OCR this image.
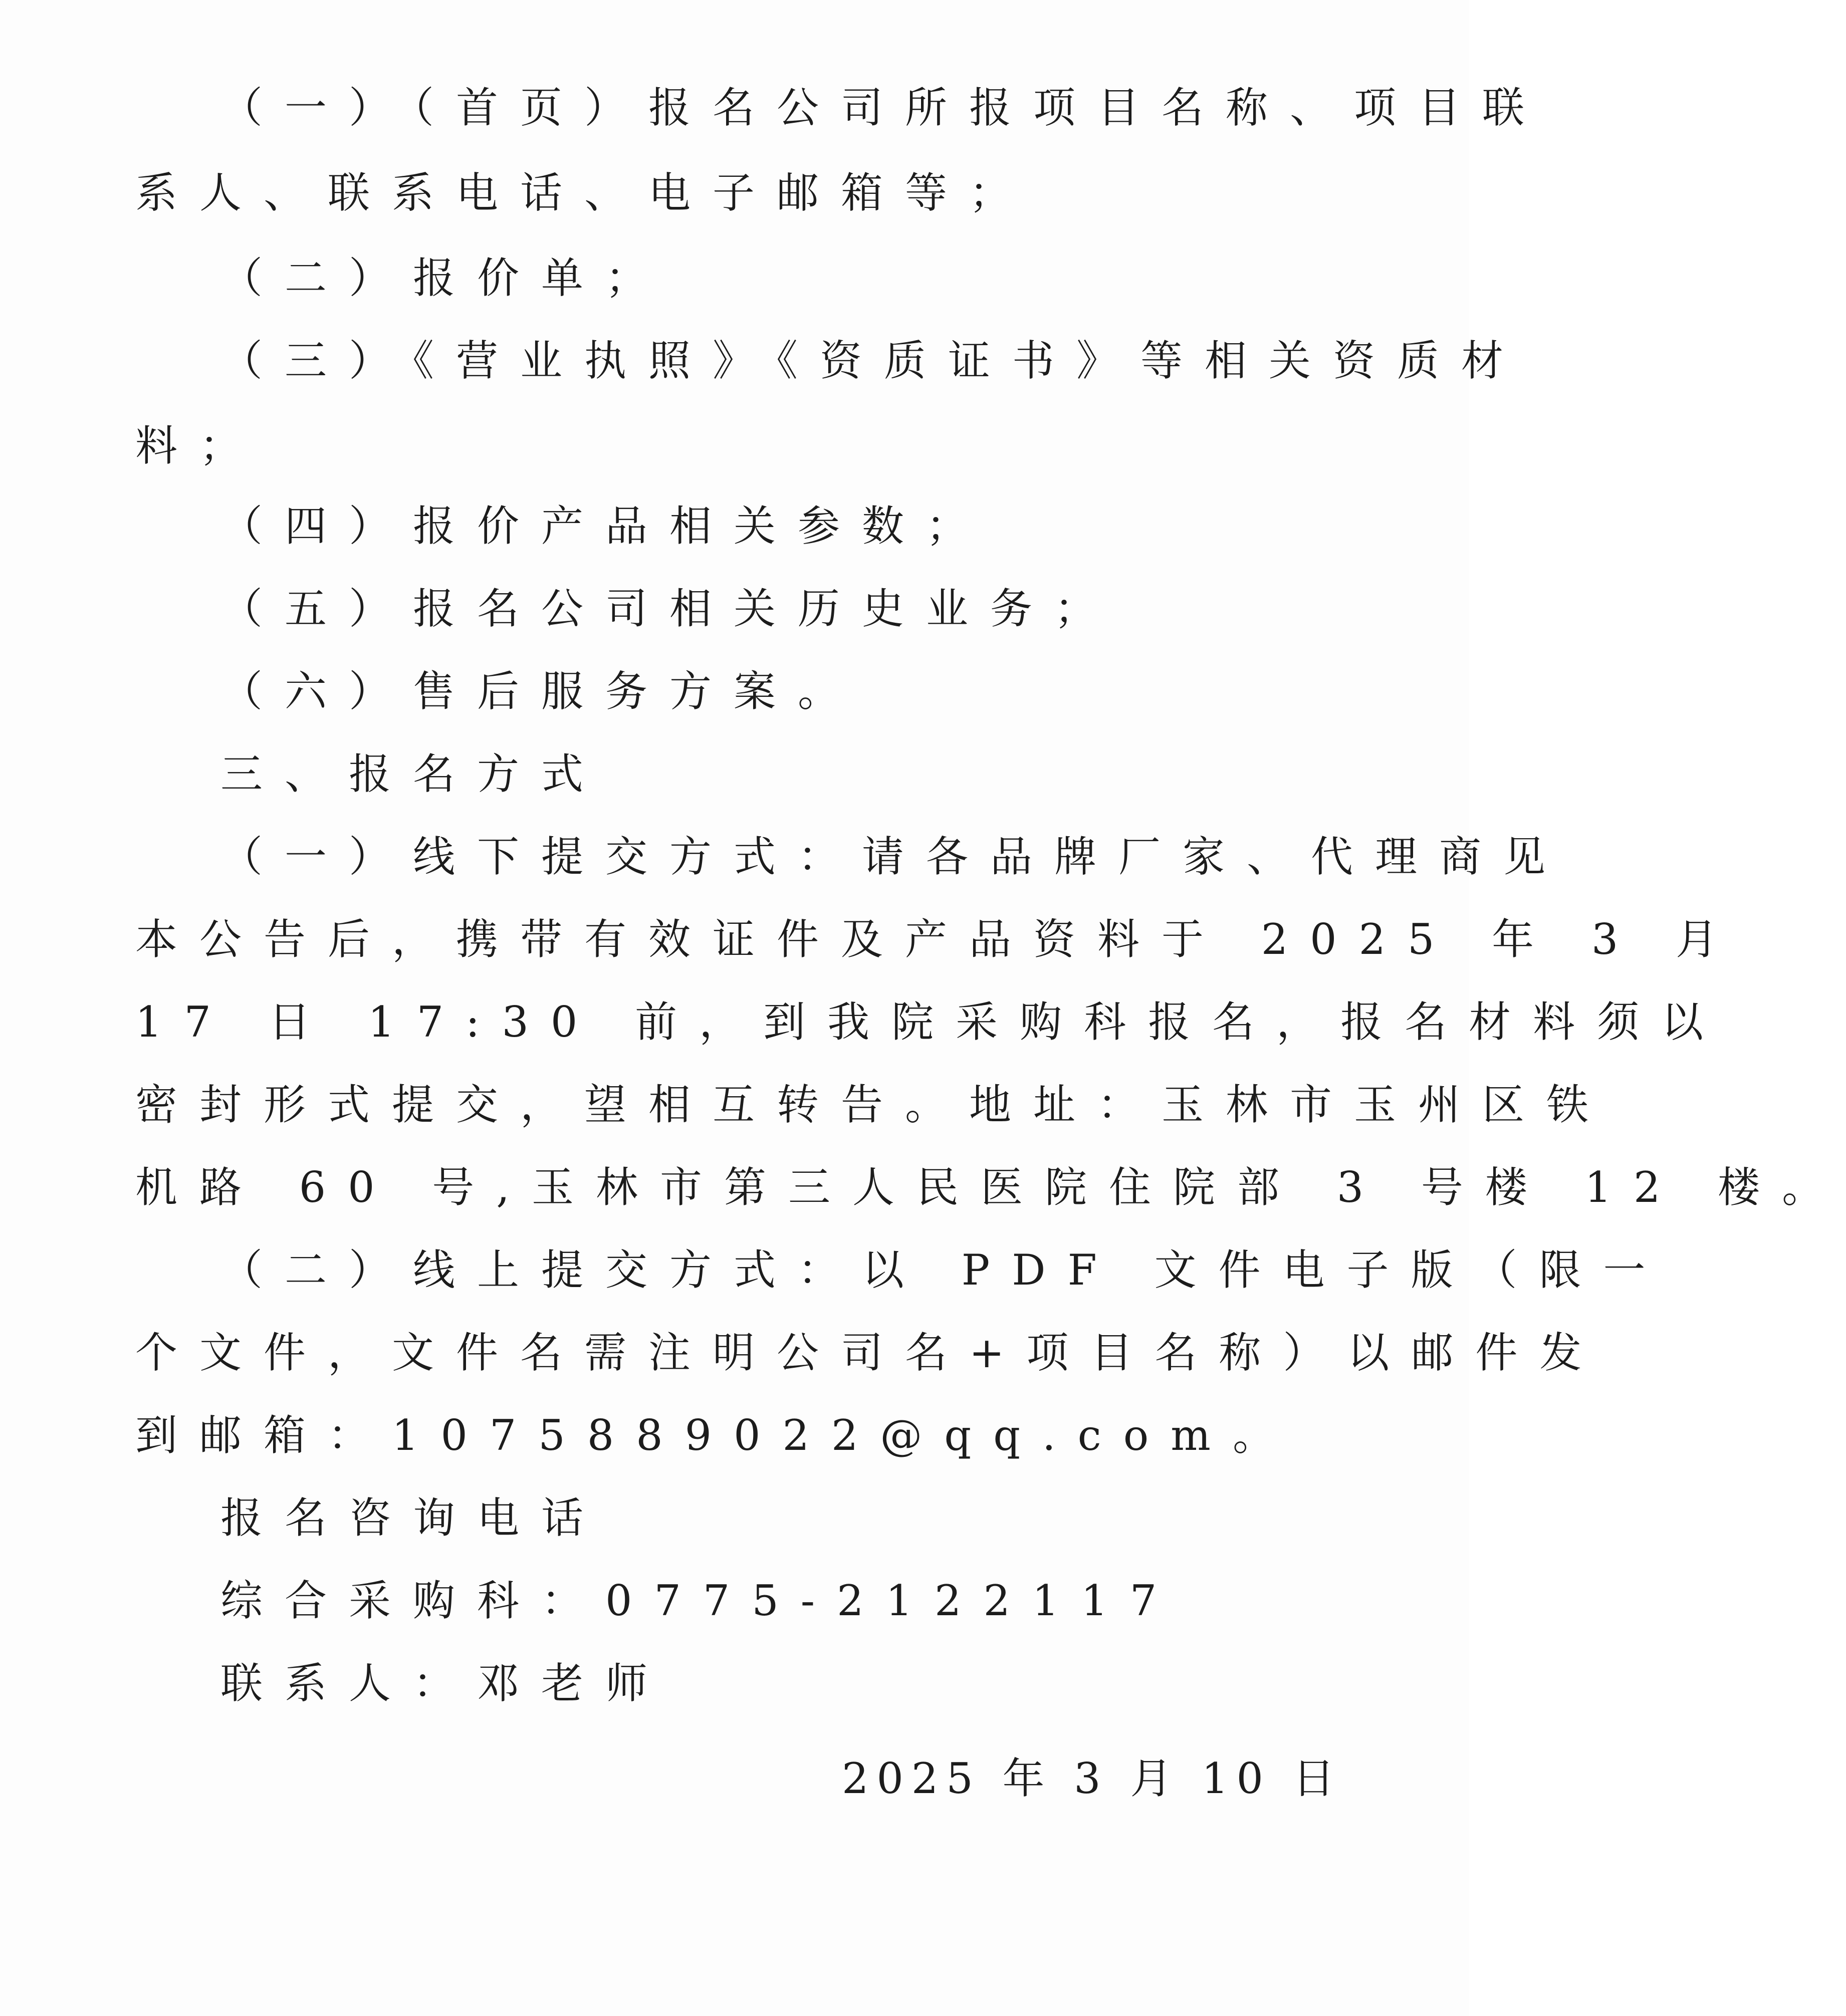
（一）（首页）报名公司所报项目名称、项目联
系人、联系电话、电子邮箱等；
（二）报价单；
（三）《营业执照》《资质证书》等相关资质材
料；
（四）报价产品相关参数；
（五）报名公司相关历史业务；
（六）售后服务方案。
三、报名方式
（一）线下提交方式：请各品牌厂家、代理商见
本公告后，携带有效证件及产品资料于 2025 年 3 月
17 日 17:30 前，到我院采购科报名，报名材料须以
密封形式提交，望相互转告。地址：玉林市玉州区铁
机路 60 号,玉林市第三人民医院住院部 3 号楼 12 楼。
（二）线上提交方式：以 PDF 文件电子版（限一
个文件，文件名需注明公司名+项目名称）以邮件发
到邮箱：1075889022@qq.com。
报名咨询电话
综合采购科：0775-2122117
联系人：邓老师
2025 年 3 月 10 日
